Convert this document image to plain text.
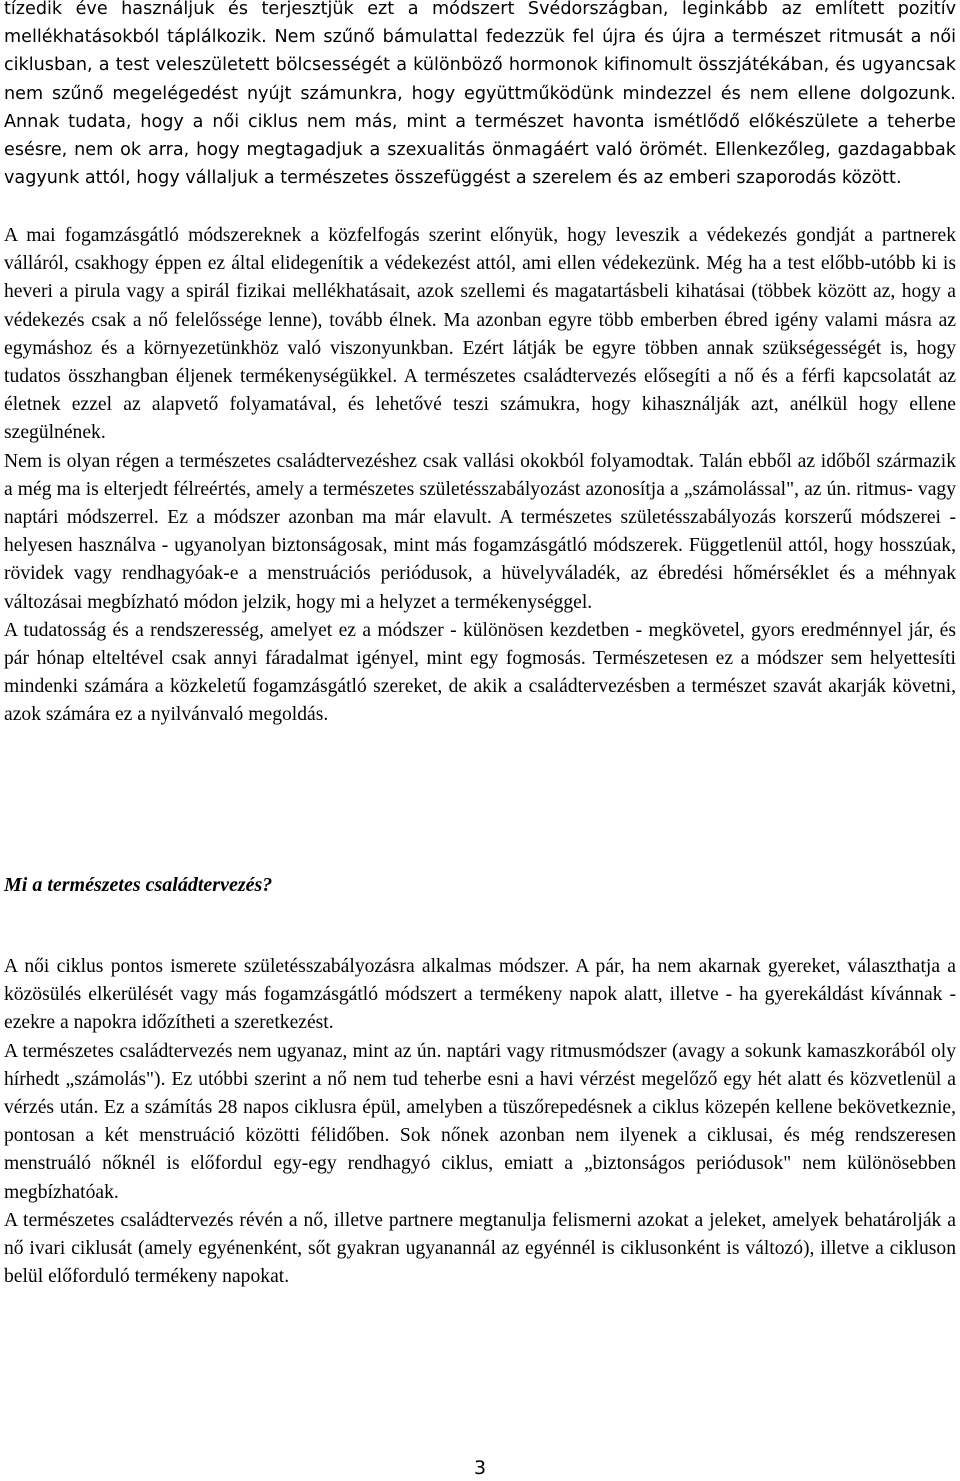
tízedik éve használjuk és terjesztjük ezt a módszert Svédországban, leginkább az említett pozitív mellékhatásokból táplálkozik. Nem szűnő bámulattal fedezzük fel újra és újra a természet ritmusát a női ciklusban, a test veleszületett bölcsességét a különböző hormonok kifinomult összjátékában, és ugyancsak nem szűnő megelégedést nyújt számunkra, hogy együttműködünk mindezzel és nem ellene dolgozunk. Annak tudata, hogy a női ciklus nem más, mint a természet havonta ismétlődő előkészülete a teherbe esésre, nem ok arra, hogy megtagadjuk a szexualitás önmagáért való örömét. Ellenkezőleg, gazdagabbak vagyunk attól, hogy vállaljuk a természetes összefüggést a szerelem és az emberi szaporodás között.

A mai fogamzásgátló módszereknek a közfelfogás szerint előnyük, hogy leveszik a védekezés gondját a partnerek válláról, csakhogy éppen ez által elidegenítik a védekezést attól, ami ellen védekezünk. Még ha a test előbb-utóbb ki is heveri a pirula vagy a spirál fizikai mellékhatásait, azok szellemi és magatartásbeli kihatásai (többek között az, hogy a védekezés csak a nő felelőssége lenne), tovább élnek. Ma azonban egyre több emberben ébred igény valami másra az egymáshoz és a környezetünkhöz való viszonyunkban. Ezért látják be egyre többen annak szükségességét is, hogy tudatos összhangban éljenek termékenységükkel. A természetes családtervezés elősegíti a nő és a férfi kapcsolatát az életnek ezzel az alapvető folyamatával, és lehetővé teszi számukra, hogy kihasználják azt, anélkül hogy ellene szegülnének.

Nem is olyan régen a természetes családtervezéshez csak vallási okokból folyamodtak. Talán ebből az időből származik a még ma is elterjedt félreértés, amely a természetes születésszabályozást azonosítja a „számolással", az ún. ritmus- vagy naptári módszerrel. Ez a módszer azonban ma már elavult. A természetes születésszabályozás korszerű módszerei - helyesen használva - ugyanolyan biztonságosak, mint más fogamzásgátló módszerek. Függetlenül attól, hogy hosszúak, rövidek vagy rendhagyóak-e a menstruációs periódusok, a hüvelyváladék, az ébredési hőmérséklet és a méhnyak változásai megbízható módon jelzik, hogy mi a helyzet a termékenységgel.

A tudatosság és a rendszeresség, amelyet ez a módszer - különösen kezdetben - megkövetel, gyors eredménnyel jár, és pár hónap elteltével csak annyi fáradalmat igényel, mint egy fogmosás. Természetesen ez a módszer sem helyettesíti mindenki számára a közkeletű fogamzásgátló szereket, de akik a családtervezésben a természet szavát akarják követni, azok számára ez a nyilvánvaló megoldás.

Mi a természetes családtervezés?

A női ciklus pontos ismerete születésszabályozásra alkalmas módszer. A pár, ha nem akarnak gyereket, választhatja a közösülés elkerülését vagy más fogamzásgátló módszert a termékeny napok alatt, illetve - ha gyerekáldást kívánnak - ezekre a napokra időzítheti a szeretkezést.

A természetes családtervezés nem ugyanaz, mint az ún. naptári vagy ritmusmódszer (avagy a sokunk kamaszkorából oly hírhedt „számolás"). Ez utóbbi szerint a nő nem tud teherbe esni a havi vérzést megelőző egy hét alatt és közvetlenül a vérzés után. Ez a számítás 28 napos ciklusra épül, amelyben a tüszőrepedésnek a ciklus közepén kellene bekövetkeznie, pontosan a két menstruáció közötti félidőben. Sok nőnek azonban nem ilyenek a ciklusai, és még rendszeresen menstruáló nőknél is előfordul egy-egy rendhagyó ciklus, emiatt a „biztonságos periódusok" nem különösebben megbízhatóak.

A természetes családtervezés révén a nő, illetve partnere megtanulja felismerni azokat a jeleket, amelyek behatárolják a nő ivari ciklusát (amely egyénenként, sőt gyakran ugyanannál az egyénnél is ciklusonként is változó), illetve a cikluson belül előforduló termékeny napokat.

3
